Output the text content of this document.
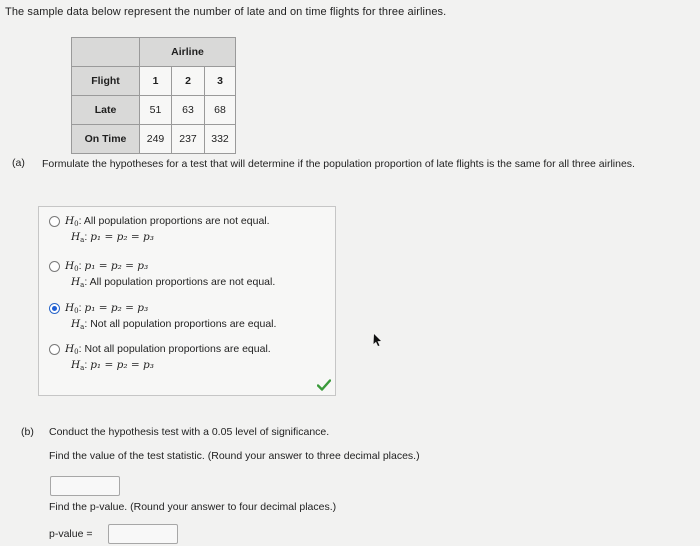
The sample data below represent the number of late and on time flights for three airlines.
	Airline		
Flight	1	2	3
Late	51	63	68
On Time	249	237	332
(a) Formulate the hypotheses for a test that will determine if the population proportion of late flights is the same for all three airlines.
$H_0$: All population proportions are not equal.
$H_a$: p₁ = p₂ = p₃
$H_0$: p₁ = p₂ = p₃
$H_a$: All population proportions are not equal.
$H_0$: p₁ = p₂ = p₃
$H_a$: Not all population proportions are equal.
$H_0$: Not all population proportions are equal.
$H_a$: p₁ = p₂ = p₃
(b) Conduct the hypothesis test with a 0.05 level of significance.
Find the value of the test statistic. (Round your answer to three decimal places.)
Find the p-value. (Round your answer to four decimal places.)
p-value =
